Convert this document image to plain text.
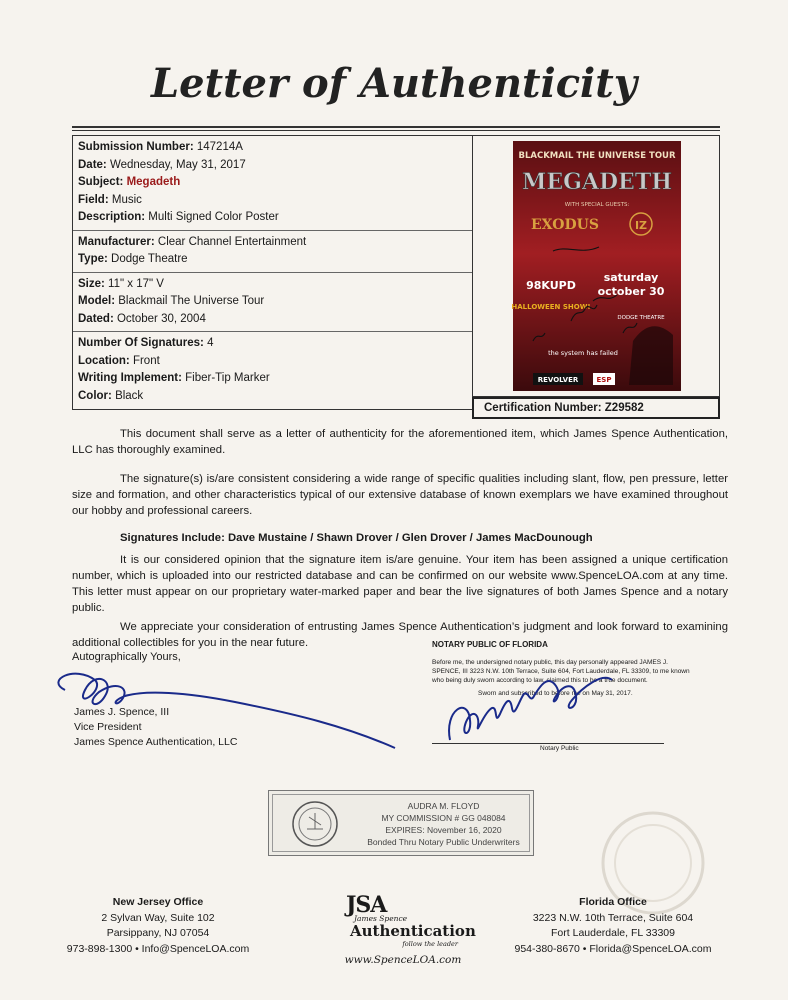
Letter of Authenticity
Submission Number: 147214A
Date: Wednesday, May 31, 2017
Subject: Megadeth
Field: Music
Description: Multi Signed Color Poster
Manufacturer: Clear Channel Entertainment
Type: Dodge Theatre
Size: 11" x 17" V
Model: Blackmail The Universe Tour
Dated: October 30, 2004
Number Of Signatures: 4
Location: Front
Writing Implement: Fiber-Tip Marker
Color: Black
BLACKMAIL THE UNIVERSE TOUR
MEGADETH
WITH SPECIAL GUESTS:
EXODUS	IZ
98KUPD
HALLOWEEN SHOW!
saturday
october 30
DODGE THEATRE
the system has failed
REVOLVER	ESP
Certification Number: Z29582

This document shall serve as a letter of authenticity for the aforementioned item, which James Spence Authentication, LLC has thoroughly examined.

The signature(s) is/are consistent considering a wide range of specific qualities including slant, flow, pen pressure, letter size and formation, and other characteristics typical of our extensive database of known exemplars we have examined throughout our hobby and professional careers.

Signatures Include: Dave Mustaine / Shawn Drover / Glen Drover / James MacDounough

It is our considered opinion that the signature item is/are genuine. Your item has been assigned a unique certification number, which is uploaded into our restricted database and can be confirmed on our website www.SpenceLOA.com at any time. This letter must appear on our proprietary water-marked paper and bear the live signatures of both James Spence and a notary public.

We appreciate your consideration of entrusting James Spence Authentication’s judgment and look forward to examining additional collectibles for you in the near future.

Autographically Yours,
James J. Spence, III
Vice President
James Spence Authentication, LLC
NOTARY PUBLIC OF FLORIDA
Before me, the undersigned notary public, this day personally appeared JAMES J. SPENCE, III 3223 N.W. 10th Terrace, Suite 604, Fort Lauderdale, FL 33309, to me known who being duly sworn according to law, claimed this to be a true document.
Sworn and subscribed to before me on May 31, 2017.
Notary Public
AUDRA M. FLOYD
MY COMMISSION # GG 048084
EXPIRES: November 16, 2020
Bonded Thru Notary Public Underwriters
New Jersey Office
2 Sylvan Way, Suite 102
Parsippany, NJ 07054
973-898-1300 • Info@SpenceLOA.com
JSA
James Spence
Authentication
follow the leader
www.SpenceLOA.com
Florida Office
3223 N.W. 10th Terrace, Suite 604
Fort Lauderdale, FL 33309
954-380-8670 • Florida@SpenceLOA.com
